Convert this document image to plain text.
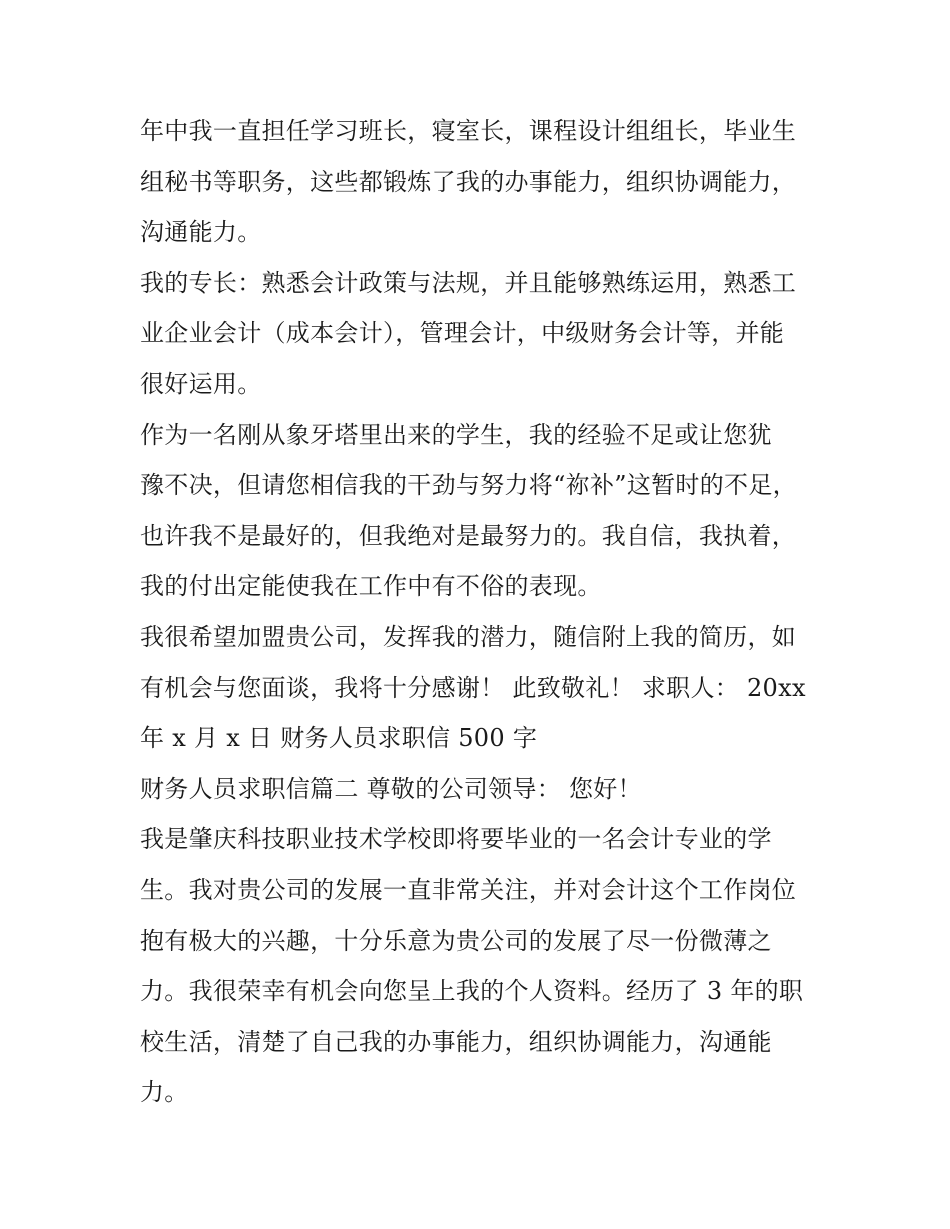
年中我一直担任学习班长，寝室长，课程设计组组长，毕业生
组秘书等职务，这些都锻炼了我的办事能力，组织协调能力，
沟通能力。
我的专长：熟悉会计政策与法规，并且能够熟练运用，熟悉工
业企业会计（成本会计），管理会计，中级财务会计等，并能
很好运用。
作为一名刚从象牙塔里出来的学生，我的经验不足或让您犹
豫不决，但请您相信我的干劲与努力将“祢补”这暂时的不足，
也许我不是最好的，但我绝对是最努力的。我自信，我执着，
我的付出定能使我在工作中有不俗的表现。
我很希望加盟贵公司，发挥我的潜力，随信附上我的简历，如
有机会与您面谈，我将十分感谢！ 此致敬礼！ 求职人： 20xx
年 x 月 x 日 财务人员求职信 500 字
财务人员求职信篇二 尊敬的公司领导： 您好！
我是肇庆科技职业技术学校即将要毕业的一名会计专业的学
生。我对贵公司的发展一直非常关注，并对会计这个工作岗位
抱有极大的兴趣，十分乐意为贵公司的发展了尽一份微薄之
力。我很荣幸有机会向您呈上我的个人资料。经历了 3 年的职
校生活，清楚了自己我的办事能力，组织协调能力，沟通能
力。
